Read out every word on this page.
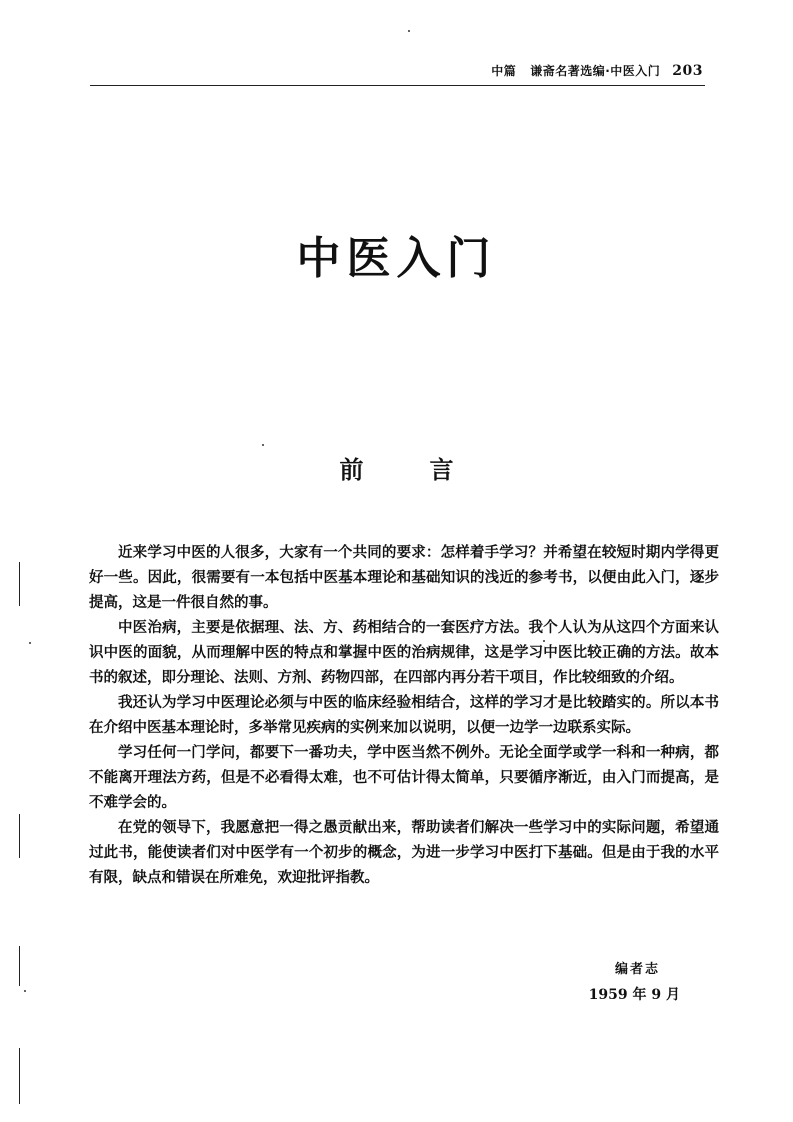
中篇 谦斋名著选编·中医入门 203
中医入门
前	言

近来学习中医的人很多，大家有一个共同的要求：怎样着手学习？并希望在较短时期内学得更好一些。因此，很需要有一本包括中医基本理论和基础知识的浅近的参考书，以便由此入门，逐步提高，这是一件很自然的事。

中医治病，主要是依据理、法、方、药相结合的一套医疗方法。我个人认为从这四个方面来认识中医的面貌，从而理解中医的特点和掌握中医的治病规律，这是学习中医比较正确的方法。故本书的叙述，即分理论、法则、方剂、药物四部，在四部内再分若干项目，作比较细致的介绍。

我还认为学习中医理论必须与中医的临床经验相结合，这样的学习才是比较踏实的。所以本书在介绍中医基本理论时，多举常见疾病的实例来加以说明，以便一边学一边联系实际。

学习任何一门学问，都要下一番功夫，学中医当然不例外。无论全面学或学一科和一种病，都不能离开理法方药，但是不必看得太难，也不可估计得太简单，只要循序渐近，由入门而提高，是不难学会的。

在党的领导下，我愿意把一得之愚贡献出来，帮助读者们解决一些学习中的实际问题，希望通过此书，能使读者们对中医学有一个初步的概念，为进一步学习中医打下基础。但是由于我的水平有限，缺点和错误在所难免，欢迎批评指教。

编者志
1959 年 9 月
